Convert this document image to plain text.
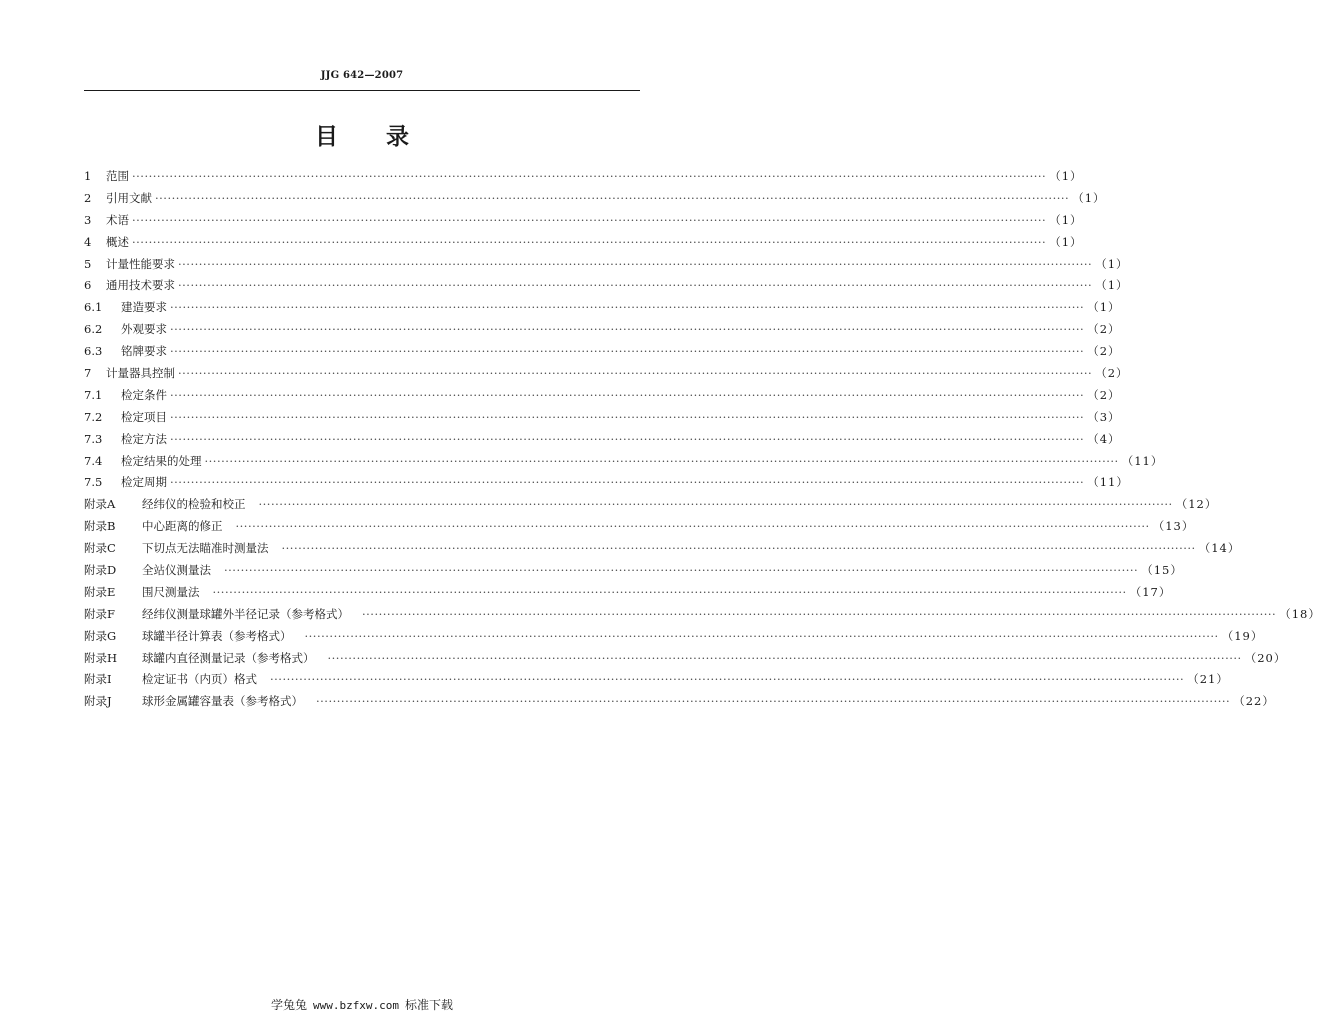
JJG 642—2007
目 录
1	范围 ···························································································································································································································· （1）
2	引用文献 ···························································································································································································································· （1）
3	术语 ···························································································································································································································· （1）
4	概述 ···························································································································································································································· （1）
5	计量性能要求 ···························································································································································································································· （1）
6	通用技术要求 ···························································································································································································································· （1）
6.1	建造要求 ···························································································································································································································· （1）
6.2	外观要求 ···························································································································································································································· （2）
6.3	铭牌要求 ···························································································································································································································· （2）
7	计量器具控制 ···························································································································································································································· （2）
7.1	检定条件 ···························································································································································································································· （2）
7.2	检定项目 ···························································································································································································································· （3）
7.3	检定方法 ···························································································································································································································· （4）
7.4	检定结果的处理 ···························································································································································································································· （11）
7.5	检定周期 ···························································································································································································································· （11）
附录A	经纬仪的检验和校正	···························································································································································································································· （12）
附录B	中心距离的修正	···························································································································································································································· （13）
附录C	下切点无法瞄准时测量法	···························································································································································································································· （14）
附录D	全站仪测量法	···························································································································································································································· （15）
附录E	围尺测量法	···························································································································································································································· （17）
附录F	经纬仪测量球罐外半径记录（参考格式）	···························································································································································································································· （18）
附录G	球罐半径计算表（参考格式）	···························································································································································································································· （19）
附录H	球罐内直径测量记录（参考格式）	···························································································································································································································· （20）
附录I	检定证书（内页）格式	···························································································································································································································· （21）
附录J	球形金属罐容量表（参考格式）	···························································································································································································································· （22）
学兔兔 www.bzfxw.com 标准下载
